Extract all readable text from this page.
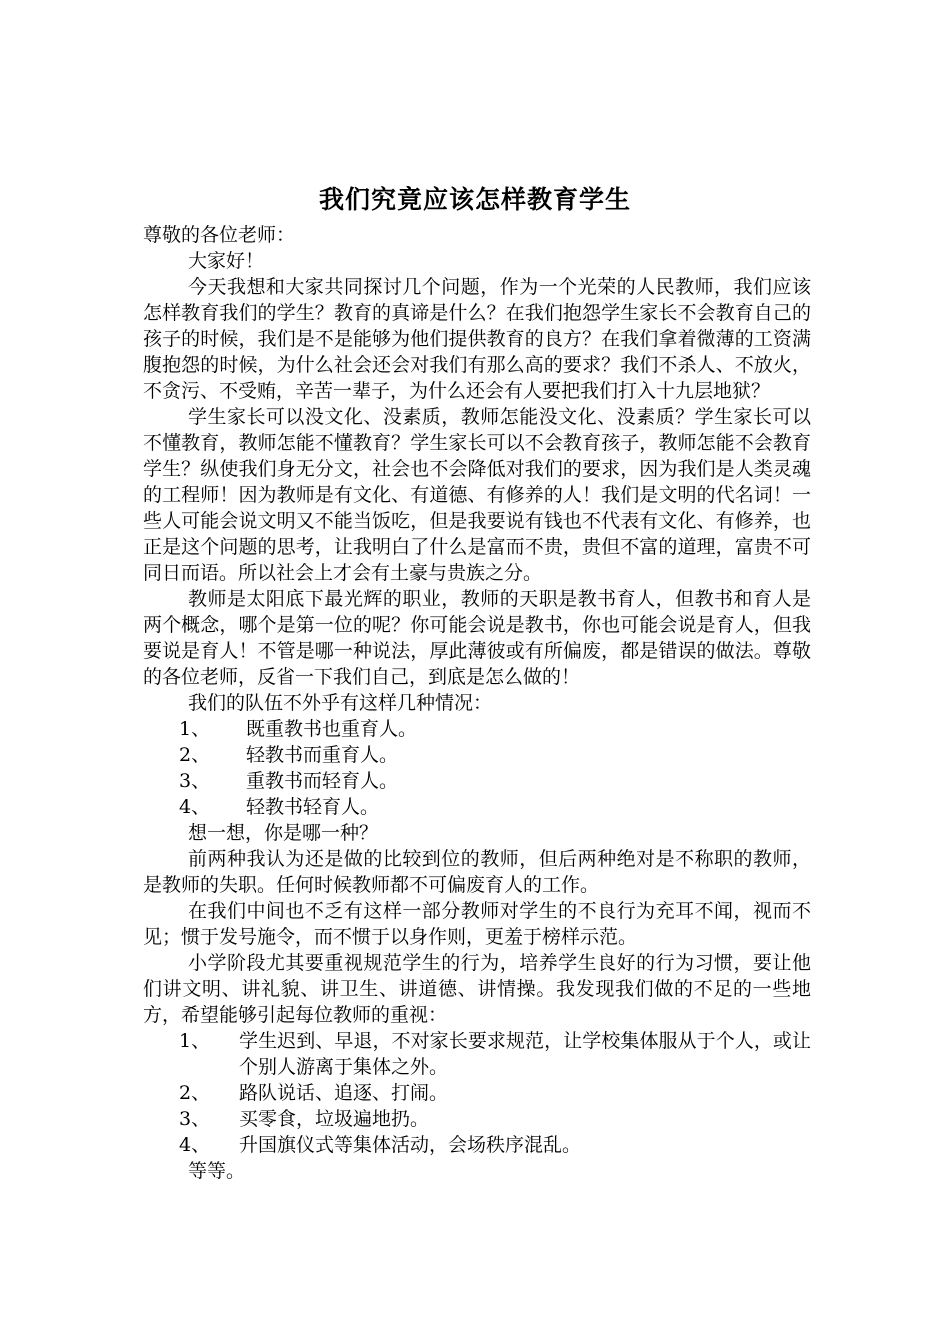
我们究竟应该怎样教育学生

尊敬的各位老师：

大家好！

今天我想和大家共同探讨几个问题，作为一个光荣的人民教师，我们应该怎样教育我们的学生？教育的真谛是什么？在我们抱怨学生家长不会教育自己的孩子的时候，我们是不是能够为他们提供教育的良方？在我们拿着微薄的工资满腹抱怨的时候，为什么社会还会对我们有那么高的要求？我们不杀人、不放火，不贪污、不受贿，辛苦一辈子，为什么还会有人要把我们打入十九层地狱？

学生家长可以没文化、没素质，教师怎能没文化、没素质？学生家长可以不懂教育，教师怎能不懂教育？学生家长可以不会教育孩子，教师怎能不会教育学生？纵使我们身无分文，社会也不会降低对我们的要求，因为我们是人类灵魂的工程师！因为教师是有文化、有道德、有修养的人！我们是文明的代名词！一些人可能会说文明又不能当饭吃，但是我要说有钱也不代表有文化、有修养，也正是这个问题的思考，让我明白了什么是富而不贵，贵但不富的道理，富贵不可同日而语。所以社会上才会有土豪与贵族之分。

教师是太阳底下最光辉的职业，教师的天职是教书育人，但教书和育人是两个概念，哪个是第一位的呢？你可能会说是教书，你也可能会说是育人，但我要说是育人！不管是哪一种说法，厚此薄彼或有所偏废，都是错误的做法。尊敬的各位老师，反省一下我们自己，到底是怎么做的！

我们的队伍不外乎有这样几种情况：

1、	既重教书也重育人。
2、	轻教书而重育人。
3、	重教书而轻育人。
4、	轻教书轻育人。

想一想，你是哪一种？

前两种我认为还是做的比较到位的教师，但后两种绝对是不称职的教师，是教师的失职。任何时候教师都不可偏废育人的工作。

在我们中间也不乏有这样一部分教师对学生的不良行为充耳不闻，视而不见；惯于发号施令，而不惯于以身作则，更羞于榜样示范。

小学阶段尤其要重视规范学生的行为，培养学生良好的行为习惯，要让他们讲文明、讲礼貌、讲卫生、讲道德、讲情操。我发现我们做的不足的一些地方，希望能够引起每位教师的重视：

1、	学生迟到、早退，不对家长要求规范，让学校集体服从于个人，或让个别人游离于集体之外。
2、	路队说话、追逐、打闹。
3、	买零食，垃圾遍地扔。
4、	升国旗仪式等集体活动，会场秩序混乱。

等等。
